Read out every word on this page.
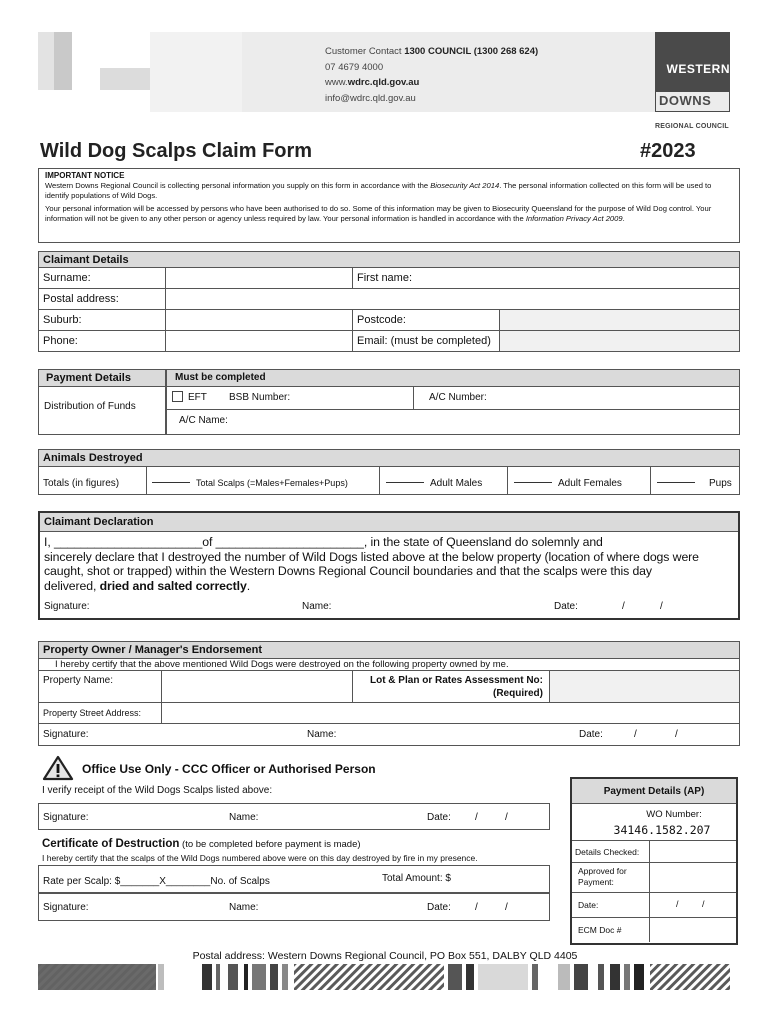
Customer Contact 1300 COUNCIL (1300 268 624)
07 4679 4000
www.wdrc.qld.gov.au
info@wdrc.qld.gov.au
WESTERN
DOWNS
REGIONAL COUNCIL
Wild Dog Scalps Claim Form	#2023
IMPORTANT NOTICE
Western Downs Regional Council is collecting personal information you supply on this form in accordance with the Biosecurity Act 2014. The personal information collected on this form will be used to identify populations of Wild Dogs.
Your personal information will be accessed by persons who have been authorised to do so. Some of this information may be given to Biosecurity Queensland for the purpose of Wild Dog control. Your information will not be given to any other person or agency unless required by law. Your personal information is handled in accordance with the Information Privacy Act 2009.
Claimant Details			
Surname:		First name:	
Postal address:			
Suburb:		Postcode:	
Phone:		Email: (must be completed)	
Payment Details
Distribution of Funds
Must be completed
EFT BSB Number:	A/C Number:
A/C Name:
Animals Destroyed
Totals (in figures)	Total Scalps (=Males+Females+Pups)	Adult Males	Adult Females	Pups
Claimant Declaration
I, ______________________of ______________________, in the state of Queensland do solemnly and
sincerely declare that I destroyed the number of Wild Dogs listed above at the below property (location of where dogs were
caught, shot or trapped) within the Western Downs Regional Council boundaries and that the scalps were this day
delivered, dried and salted correctly.
Signature:	Name:	Date:	/	/
Property Owner / Manager's Endorsement		
I hereby certify that the above mentioned Wild Dogs were destroyed on the following property owned by me.		
Property Name:	Lot & Plan or Rates Assessment No:
(Required)	

Property Street Address:		

Signature: Name: Date: / /		
Office Use Only - CCC Officer or Authorised Person
I verify receipt of the Wild Dogs Scalps listed above:
Signature:	Name:	Date: /	/
Certificate of Destruction (to be completed before payment is made)
I hereby certify that the scalps of the Wild Dogs numbered above were on this day destroyed by fire in my presence.
Rate per Scalp: $_______X________No. of Scalps	Total Amount: $
Signature:	Name:	Date: /	/
Payment Details (AP)
WO Number:
34146.1582.207
Details Checked:
Approved for Payment:
Date:	/	/
ECM Doc #
Postal address: Western Downs Regional Council, PO Box 551, DALBY QLD 4405
